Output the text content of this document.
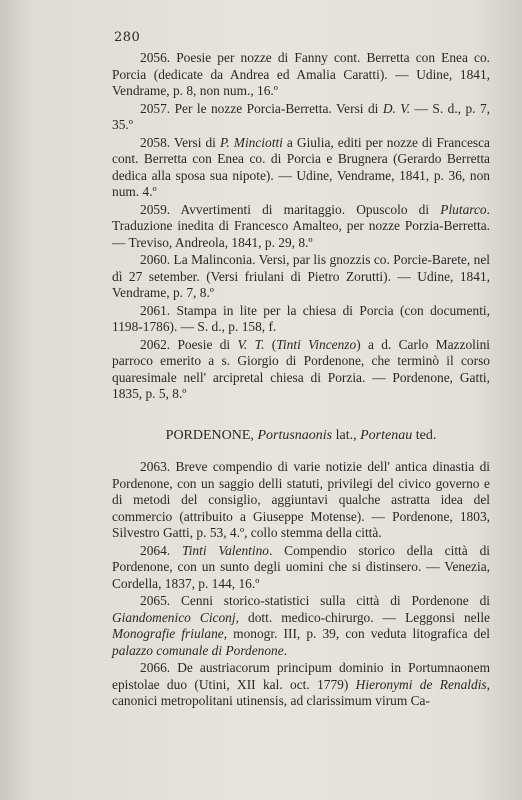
280

2056. Poesie per nozze di Fanny cont. Berretta con Enea co. Porcia (dedicate da Andrea ed Amalia Caratti). — Udine, 1841, Vendrame, p. 8, non num., 16.º

2057. Per le nozze Porcia-Berretta. Versi di D. V. — S. d., p. 7, 35.º

2058. Versi di P. Minciotti a Giulia, editi per nozze di Francesca cont. Berretta con Enea co. di Porcia e Brugnera (Gerardo Berretta dedica alla sposa sua nipote). — Udine, Vendrame, 1841, p. 36, non num. 4.º

2059. Avvertimenti di maritaggio. Opuscolo di Plutarco. Traduzione inedita di Francesco Amalteo, per nozze Porzia-Berretta. — Treviso, Andreola, 1841, p. 29, 8.º

2060. La Malinconia. Versi, par lis gnozzis co. Porcie-Barete, nel dì 27 setember. (Versi friulani di Pietro Zorutti). — Udine, 1841, Vendrame, p. 7, 8.º

2061. Stampa in lite per la chiesa di Porcia (con documenti, 1198-1786). — S. d., p. 158, f.

2062. Poesie di V. T. (Tinti Vincenzo) a d. Carlo Mazzolini parroco emerito a s. Giorgio di Pordenone, che terminò il corso quaresimale nell' arcipretal chiesa di Porzia. — Pordenone, Gatti, 1835, p. 5, 8.º

PORDENONE, Portusnaonis lat., Portenau ted.

2063. Breve compendio di varie notizie dell' antica dinastia di Pordenone, con un saggio delli statuti, privilegi del civico governo e di metodi del consiglio, aggiuntavi qualche astratta idea del commercio (attribuito a Giuseppe Motense). — Pordenone, 1803, Silvestro Gatti, p. 53, 4.º, collo stemma della città.

2064. Tinti Valentino. Compendio storico della città di Pordenone, con un sunto degli uomini che si distinsero. — Venezia, Cordella, 1837, p. 144, 16.º

2065. Cenni storico-statistici sulla città di Pordenone di Giandomenico Ciconj, dott. medico-chirurgo. — Leggonsi nelle Monografie friulane, monogr. III, p. 39, con veduta litografica del palazzo comunale di Pordenone.

2066. De austriacorum principum dominio in Portumnaonem epistolae duo (Utini, XII kal. oct. 1779) Hieronymi de Renaldis, canonici metropolitani utinensis, ad clarissimum virum Ca-
